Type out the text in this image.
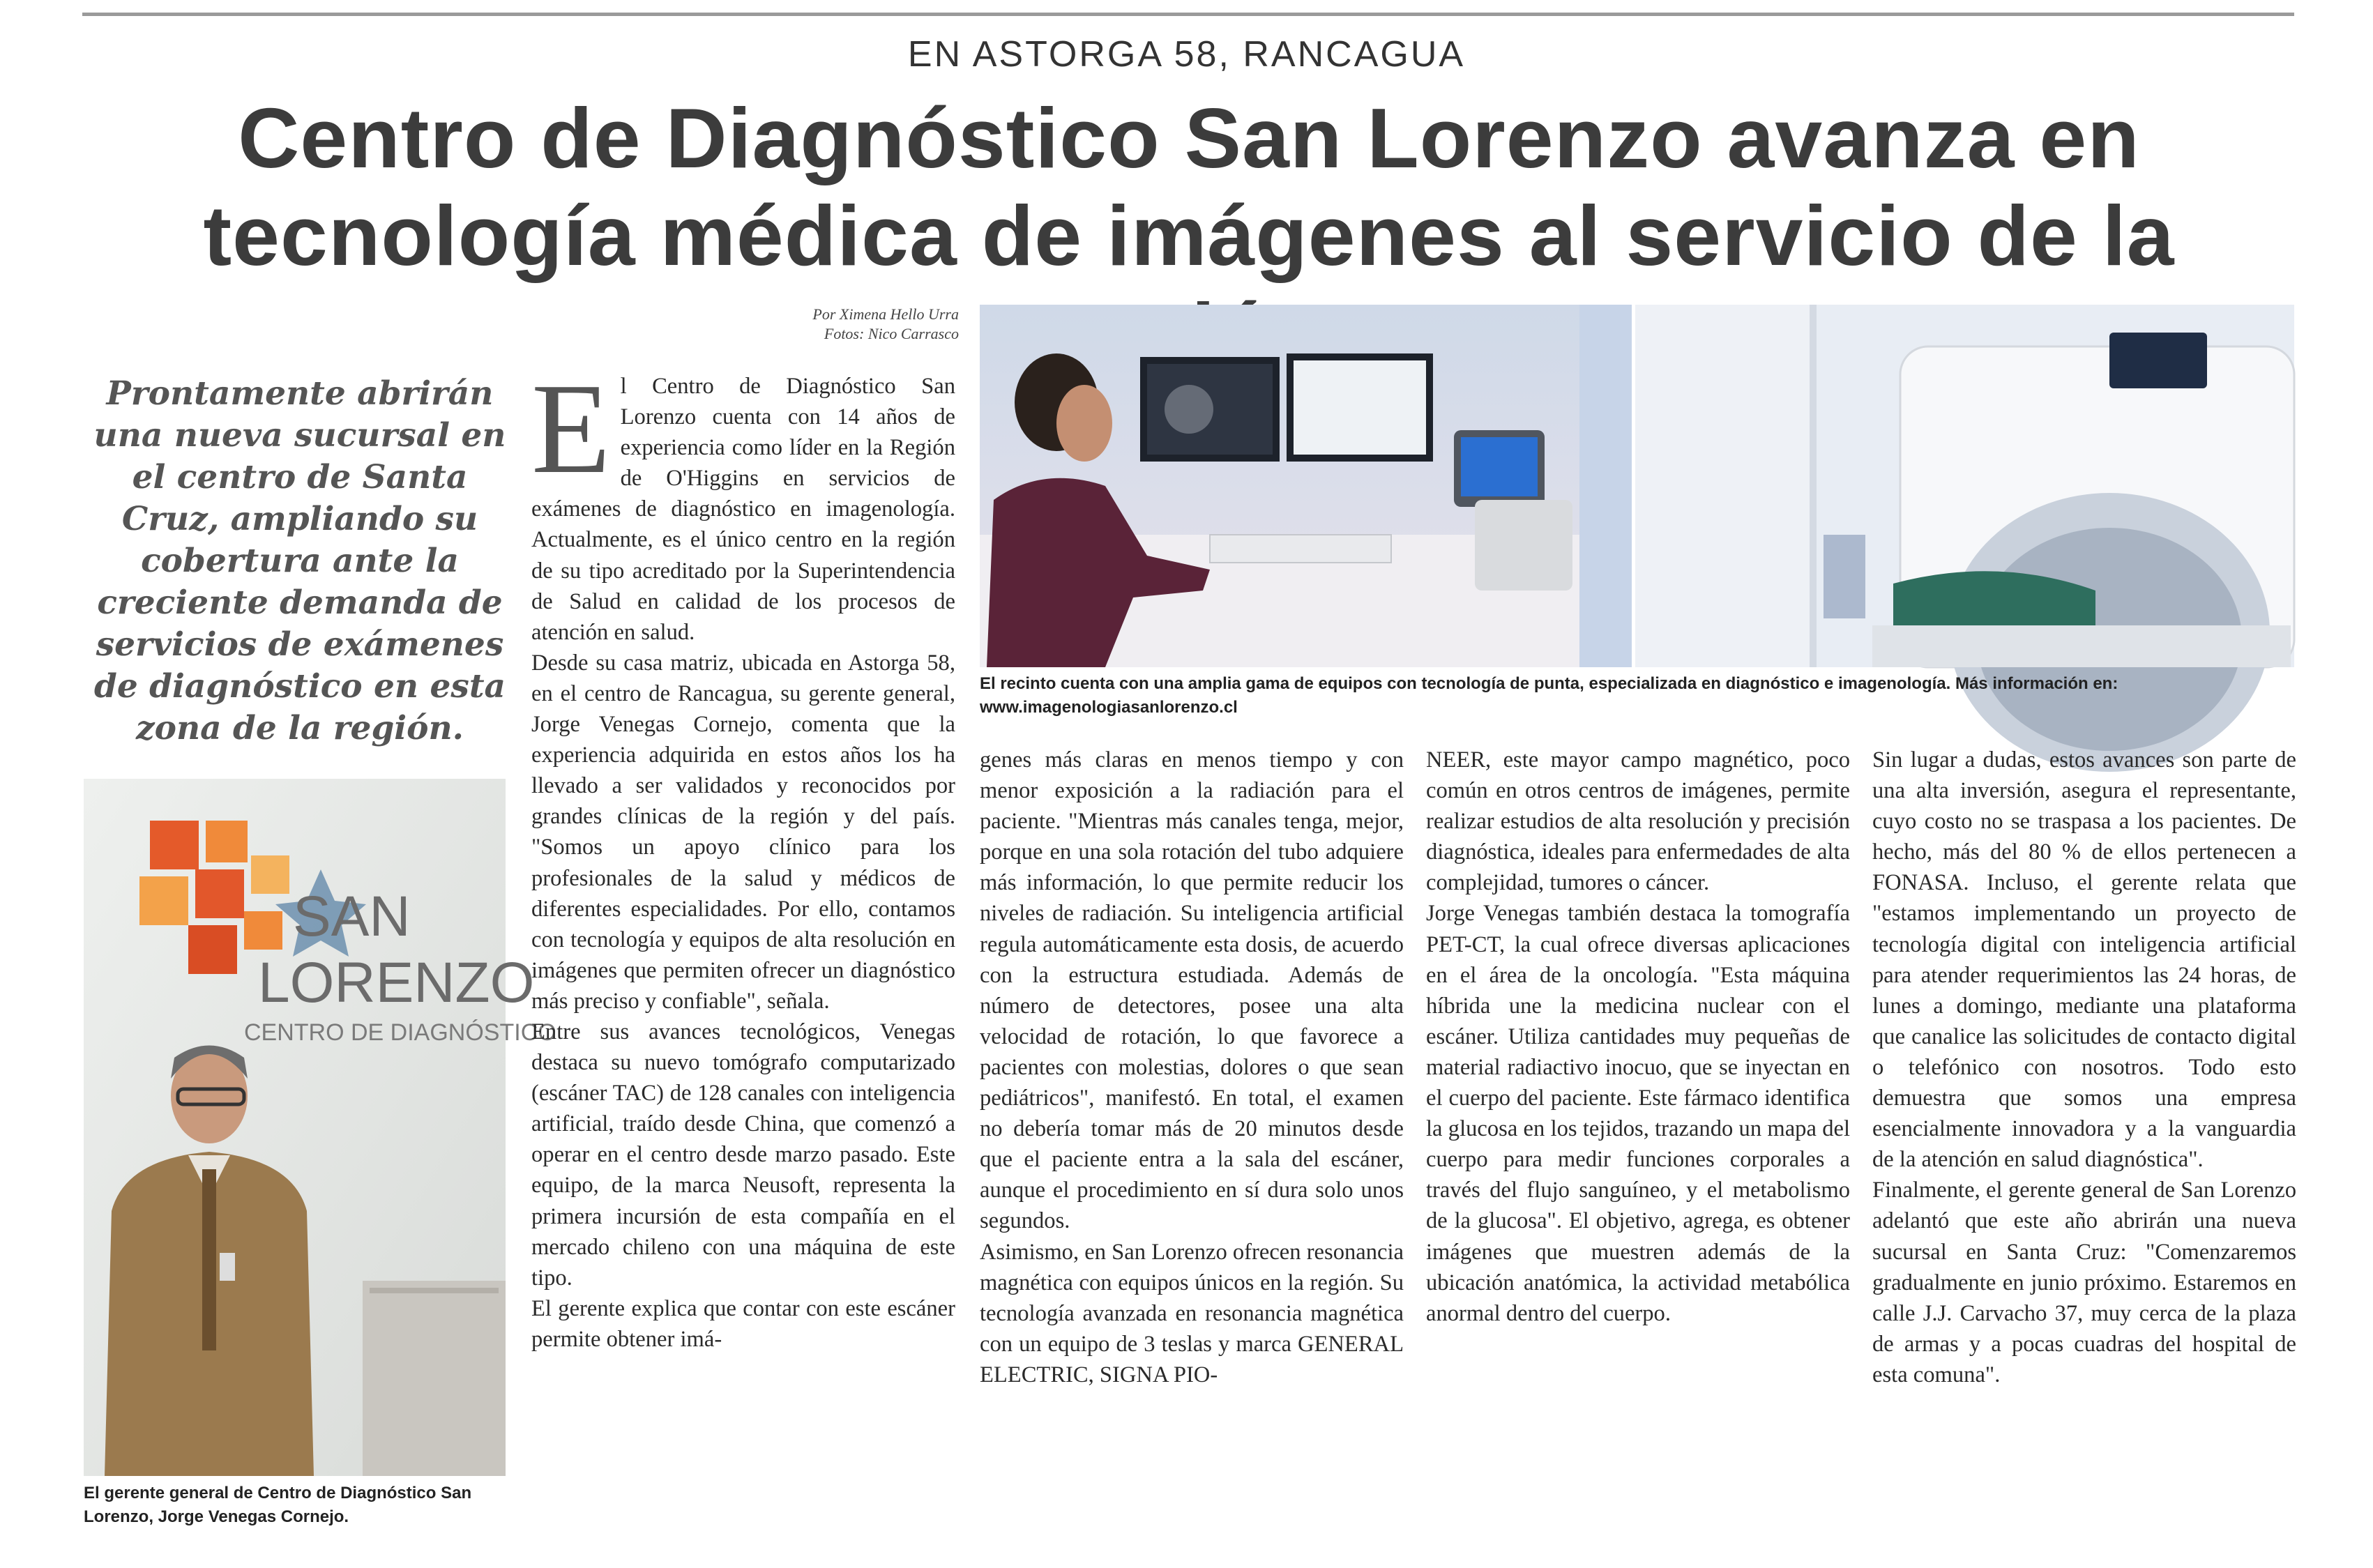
EN ASTORGA 58, RANCAGUA
Centro de Diagnóstico San Lorenzo avanza en
tecnología médica de imágenes al servicio de la
Por Ximena Hello Urra
Fotos: Nico Carrasco
Prontamente abrirán una nueva sucursal en el centro de Santa Cruz, ampliando su cobertura ante la creciente demanda de servicios de exámenes de diagnóstico en esta zona de la región.
SAN
LORENZO
CENTRO DE DIAGNÓSTICO
El gerente general de Centro de Diagnóstico San Lorenzo, Jorge Venegas Cornejo.
El recinto cuenta con una amplia gama de equipos con tecnología de punta, especializada en diagnóstico e imagenología. Más información en: www.imagenologiasanlorenzo.cl

E l Centro de Diagnóstico San Lorenzo cuenta con 14 años de experiencia como líder en la Región de O'Higgins en servicios de exámenes de diagnóstico en imagenología. Actualmente, es el único centro en la región de su tipo acreditado por la Superintendencia de Salud en calidad de los procesos de atención en salud.

Desde su casa matriz, ubicada en Astorga 58, en el centro de Rancagua, su gerente general, Jorge Venegas Cornejo, comenta que la experiencia adquirida en estos años los ha llevado a ser validados y reconocidos por grandes clínicas de la región y del país. "Somos un apoyo clínico para los profesionales de la salud y médicos de diferentes especialidades. Por ello, contamos con tecnología y equipos de alta resolución en imágenes que permiten ofrecer un diagnóstico más preciso y confiable", señala.

Entre sus avances tecnológicos, Venegas destaca su nuevo tomógrafo computarizado (escáner TAC) de 128 canales con inteligencia artificial, traído desde China, que comenzó a operar en el centro desde marzo pasado. Este equipo, de la marca Neusoft, representa la primera incursión de esta compañía en el mercado chileno con una máquina de este tipo.

El gerente explica que contar con este escáner permite obtener imá-

genes más claras en menos tiempo y con menor exposición a la radiación para el paciente. "Mientras más canales tenga, mejor, porque en una sola rotación del tubo adquiere más información, lo que permite reducir los niveles de radiación. Su inteligencia artificial regula automáticamente esta dosis, de acuerdo con la estructura estudiada. Además de número de detectores, posee una alta velocidad de rotación, lo que favorece a pacientes con molestias, dolores o que sean pediátricos", manifestó. En total, el examen no debería tomar más de 20 minutos desde que el paciente entra a la sala del escáner, aunque el procedimiento en sí dura solo unos segundos.

Asimismo, en San Lorenzo ofrecen resonancia magnética con equipos únicos en la región. Su tecnología avanzada en resonancia magnética con un equipo de 3 teslas y marca GENERAL ELECTRIC, SIGNA PIO-

NEER, este mayor campo magnético, poco común en otros centros de imágenes, permite realizar estudios de alta resolución y precisión diagnóstica, ideales para enfermedades de alta complejidad, tumores o cáncer.

Jorge Venegas también destaca la tomografía PET-CT, la cual ofrece diversas aplicaciones en el área de la oncología. "Esta máquina híbrida une la medicina nuclear con el escáner. Utiliza cantidades muy pequeñas de material radiactivo inocuo, que se inyectan en el cuerpo del paciente. Este fármaco identifica la glucosa en los tejidos, trazando un mapa del cuerpo para medir funciones corporales a través del flujo sanguíneo, y el metabolismo de la glucosa". El objetivo, agrega, es obtener imágenes que muestren además de la ubicación anatómica, la actividad metabólica anormal dentro del cuerpo.

Sin lugar a dudas, estos avances son parte de una alta inversión, asegura el representante, cuyo costo no se traspasa a los pacientes. De hecho, más del 80 % de ellos pertenecen a FONASA. Incluso, el gerente relata que "estamos implementando un proyecto de tecnología digital con inteligencia artificial para atender requerimientos las 24 horas, de lunes a domingo, mediante una plataforma que canalice las solicitudes de contacto digital o telefónico con nosotros. Todo esto demuestra que somos una empresa esencialmente innovadora y a la vanguardia de la atención en salud diagnóstica".

Finalmente, el gerente general de San Lorenzo adelantó que este año abrirán una nueva sucursal en Santa Cruz: "Comenzaremos gradualmente en junio próximo. Estaremos en calle J.J. Carvacho 37, muy cerca de la plaza de armas y a pocas cuadras del hospital de esta comuna".
